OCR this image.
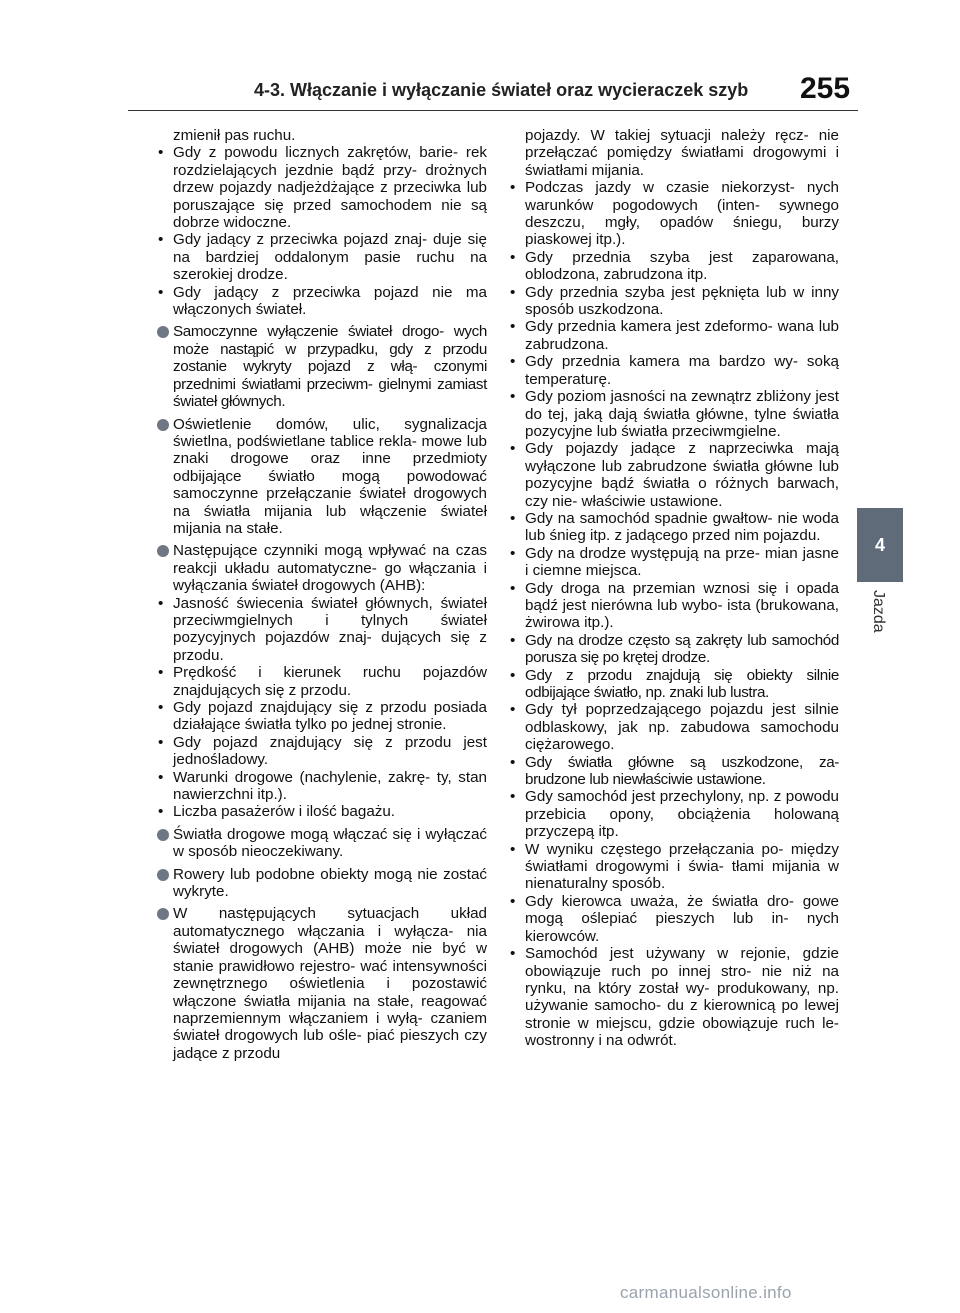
4-3. Włączanie i wyłączanie świateł oraz wycieraczek szyb	255
4
Jazda
zmienił pas ruchu.
• Gdy z powodu licznych zakrętów, barie- rek rozdzielających jezdnie bądź przy- drożnych drzew pojazdy nadjeżdżające z przeciwka lub poruszające się przed samochodem nie są dobrze widoczne.
• Gdy jadący z przeciwka pojazd znaj- duje się na bardziej oddalonym pasie ruchu na szerokiej drodze.
• Gdy jadący z przeciwka pojazd nie ma włączonych świateł.
Samoczynne wyłączenie świateł drogo- wych może nastąpić w przypadku, gdy z przodu zostanie wykryty pojazd z włą- czonymi przednimi światłami przeciwm- gielnymi zamiast świateł głównych.
Oświetlenie domów, ulic, sygnalizacja świetlna, podświetlane tablice rekla- mowe lub znaki drogowe oraz inne przedmioty odbijające światło mogą powodować samoczynne przełączanie świateł drogowych na światła mijania lub włączenie świateł mijania na stałe.
Następujące czynniki mogą wpływać na czas reakcji układu automatyczne- go włączania i wyłączania świateł drogowych (AHB):
• Jasność świecenia świateł głównych, świateł przeciwmgielnych i tylnych świateł pozycyjnych pojazdów znaj- dujących się z przodu.
• Prędkość i kierunek ruchu pojazdów znajdujących się z przodu.
• Gdy pojazd znajdujący się z przodu posiada działające światła tylko po jednej stronie.
• Gdy pojazd znajdujący się z przodu jest jednośladowy.
• Warunki drogowe (nachylenie, zakrę- ty, stan nawierzchni itp.).
• Liczba pasażerów i ilość bagażu.
Światła drogowe mogą włączać się i wyłączać w sposób nieoczekiwany.
Rowery lub podobne obiekty mogą nie zostać wykryte.
W następujących sytuacjach układ automatycznego włączania i wyłącza- nia świateł drogowych (AHB) może nie być w stanie prawidłowo rejestro- wać intensywności zewnętrznego oświetlenia i pozostawić włączone światła mijania na stałe, reagować naprzemiennym włączaniem i wyłą- czaniem świateł drogowych lub ośle- piać pieszych czy jadące z przodu
pojazdy. W takiej sytuacji należy ręcz- nie przełączać pomiędzy światłami drogowymi i światłami mijania.
• Podczas jazdy w czasie niekorzyst- nych warunków pogodowych (inten- sywnego deszczu, mgły, opadów śniegu, burzy piaskowej itp.).
• Gdy przednia szyba jest zaparowana, oblodzona, zabrudzona itp.
• Gdy przednia szyba jest pęknięta lub w inny sposób uszkodzona.
• Gdy przednia kamera jest zdeformo- wana lub zabrudzona.
• Gdy przednia kamera ma bardzo wy- soką temperaturę.
• Gdy poziom jasności na zewnątrz zbliżony jest do tej, jaką dają światła główne, tylne światła pozycyjne lub światła przeciwmgielne.
• Gdy pojazdy jadące z naprzeciwka mają wyłączone lub zabrudzone światła główne lub pozycyjne bądź światła o różnych barwach, czy nie- właściwie ustawione.
• Gdy na samochód spadnie gwałtow- nie woda lub śnieg itp. z jadącego przed nim pojazdu.
• Gdy na drodze występują na prze- mian jasne i ciemne miejsca.
• Gdy droga na przemian wznosi się i opada bądź jest nierówna lub wybo- ista (brukowana, żwirowa itp.).
• Gdy na drodze często są zakręty lub samochód porusza się po krętej drodze.
• Gdy z przodu znajdują się obiekty silnie odbijające światło, np. znaki lub lustra.
• Gdy tył poprzedzającego pojazdu jest silnie odblaskowy, jak np. zabudowa samochodu ciężarowego.
• Gdy światła główne są uszkodzone, za- brudzone lub niewłaściwie ustawione.
• Gdy samochód jest przechylony, np. z powodu przebicia opony, obciążenia holowaną przyczepą itp.
• W wyniku częstego przełączania po- między światłami drogowymi i świa- tłami mijania w nienaturalny sposób.
• Gdy kierowca uważa, że światła dro- gowe mogą oślepiać pieszych lub in- nych kierowców.
• Samochód jest używany w rejonie, gdzie obowiązuje ruch po innej stro- nie niż na rynku, na który został wy- produkowany, np. używanie samocho- du z kierownicą po lewej stronie w miejscu, gdzie obowiązuje ruch le- wostronny i na odwrót.
carmanualsonline.info
